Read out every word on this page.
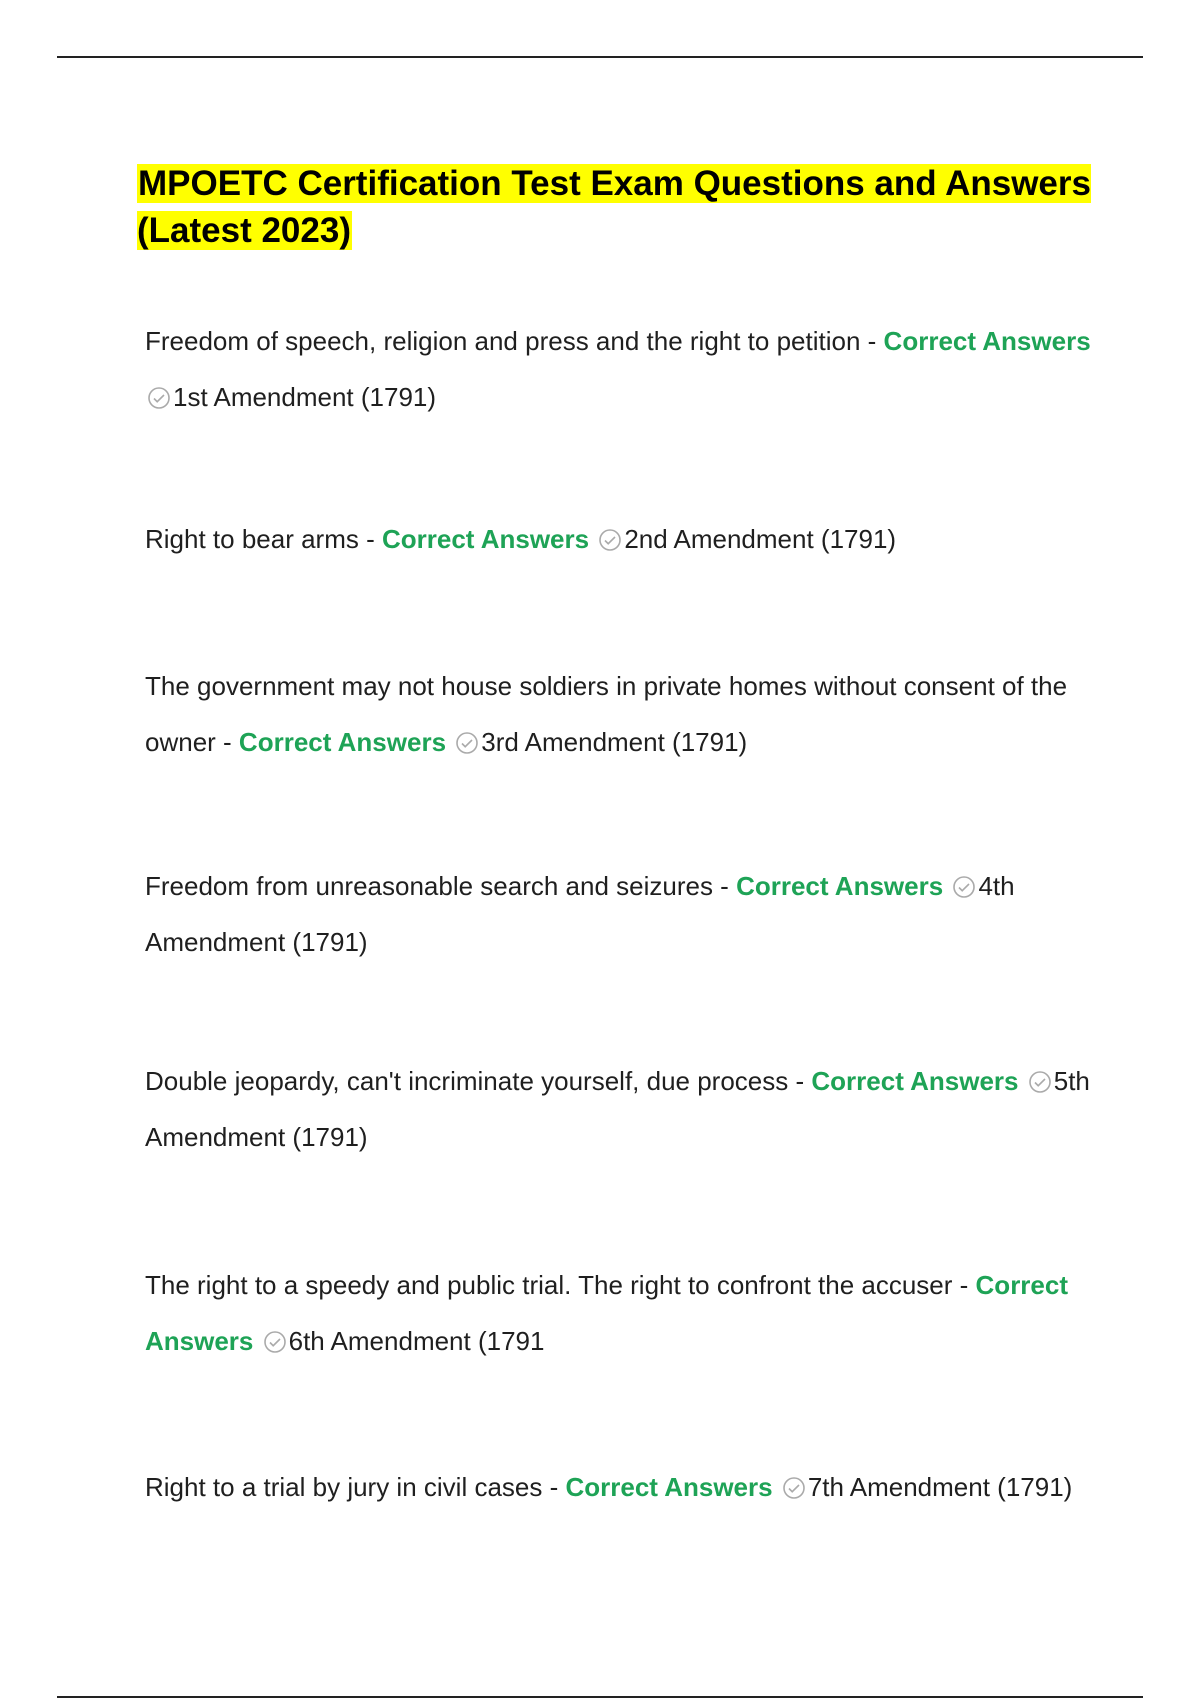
MPOETC Certification Test Exam Questions and Answers (Latest 2023)

Freedom of speech, religion and press and the right to petition - Correct Answers 1st Amendment (1791)

Right to bear arms - Correct Answers 2nd Amendment (1791)

The government may not house soldiers in private homes without consent of the owner - Correct Answers 3rd Amendment (1791)

Freedom from unreasonable search and seizures - Correct Answers 4th Amendment (1791)

Double jeopardy, can't incriminate yourself, due process - Correct Answers 5th Amendment (1791)

The right to a speedy and public trial. The right to confront the accuser - Correct Answers 6th Amendment (1791

Right to a trial by jury in civil cases - Correct Answers 7th Amendment (1791)
